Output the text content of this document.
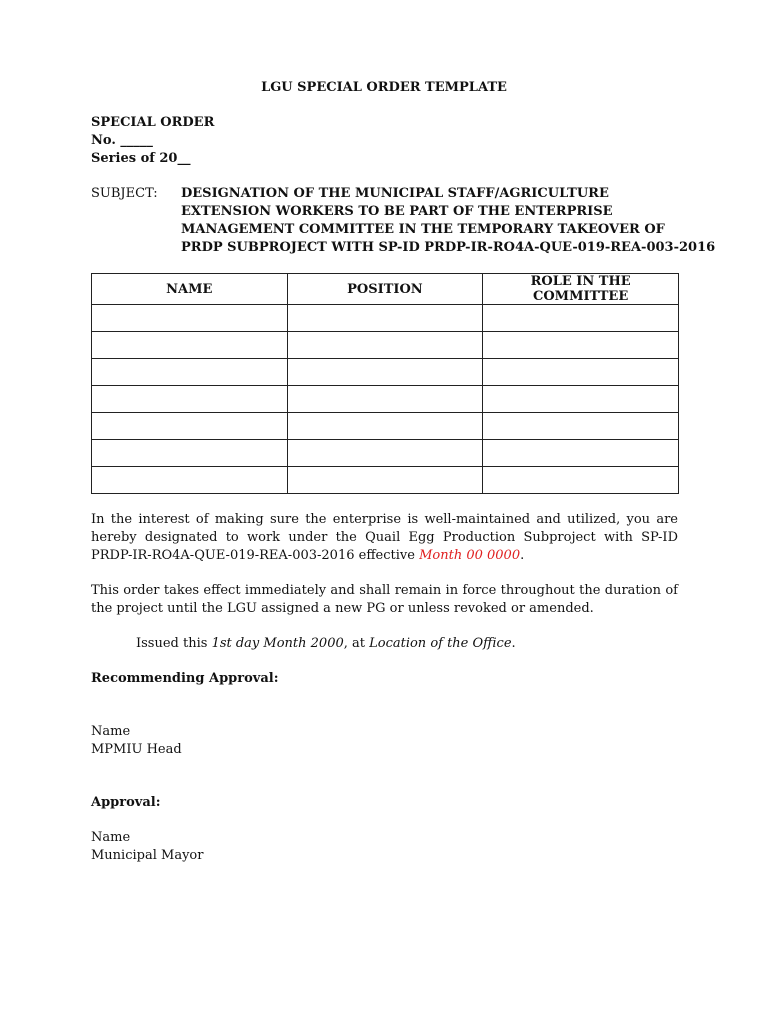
LGU SPECIAL ORDER TEMPLATE
SPECIAL ORDER
No. _____
Series of 20__
SUBJECT: DESIGNATION OF THE MUNICIPAL STAFF/AGRICULTURE
EXTENSION WORKERS TO BE PART OF THE ENTERPRISE
MANAGEMENT COMMITTEE IN THE TEMPORARY TAKEOVER OF
PRDP SUBPROJECT WITH SP-ID PRDP-IR-RO4A-QUE-019-REA-003-2016
NAME	POSITION	ROLE IN THE COMMITTEE

In the interest of making sure the enterprise is well-maintained and utilized, you are hereby designated to work under the Quail Egg Production Subproject with SP-ID PRDP-IR-RO4A-QUE-019-REA-003-2016 effective Month 00 0000.
This order takes effect immediately and shall remain in force throughout the duration of the project until the LGU assigned a new PG or unless revoked or amended.
Issued this 1st day Month 2000, at Location of the Office.
Recommending Approval:
Name
MPMIU Head
Approval:
Name
Municipal Mayor
